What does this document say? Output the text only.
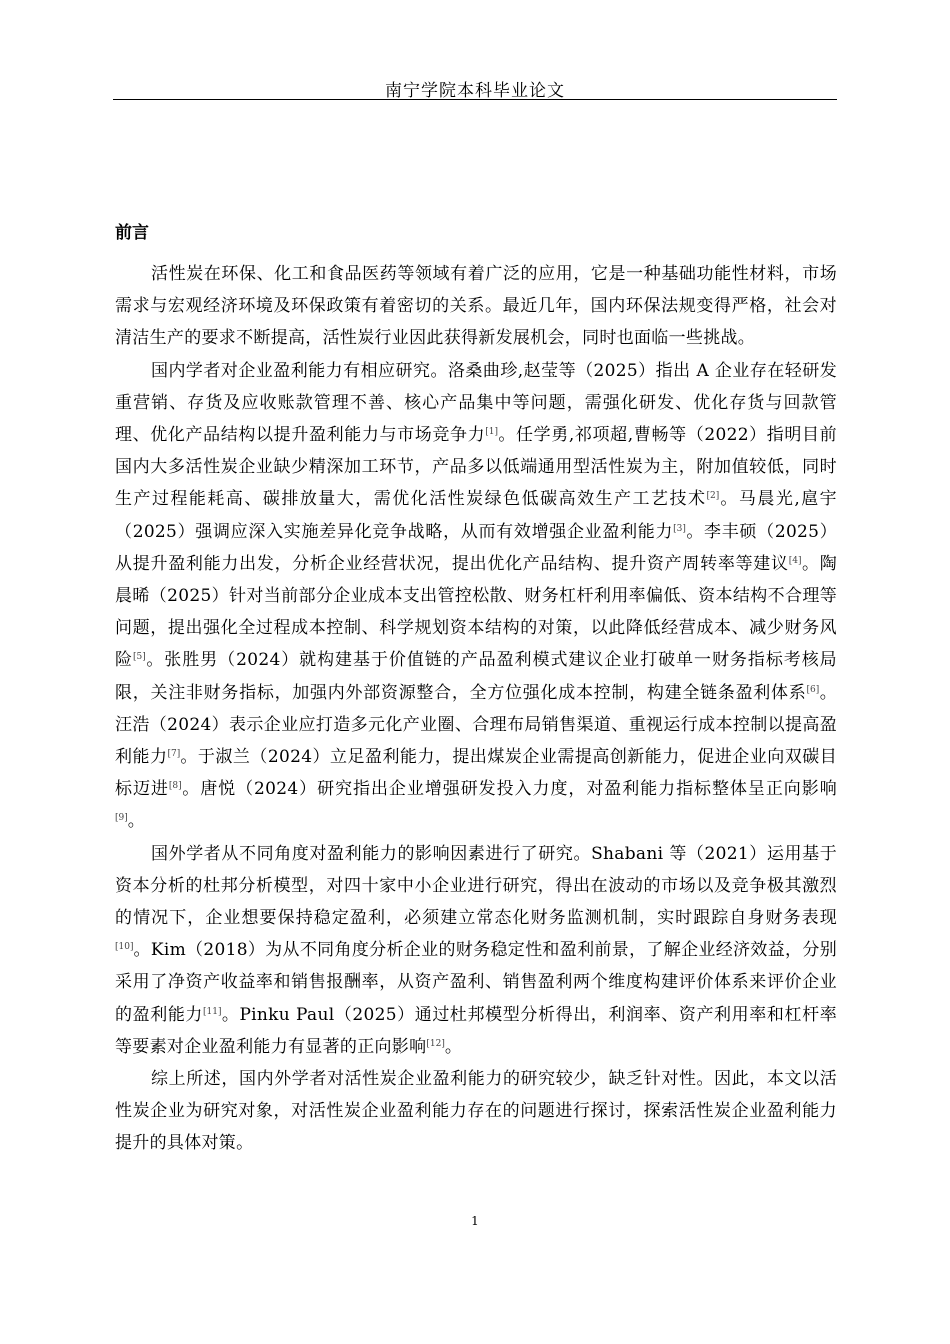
南宁学院本科毕业论文
前言

活性炭在环保、化工和食品医药等领域有着广泛的应用，它是一种基础功能性材料，市场需求与宏观经济环境及环保政策有着密切的关系。最近几年，国内环保法规变得严格，社会对清洁生产的要求不断提高，活性炭行业因此获得新发展机会，同时也面临一些挑战。

国内学者对企业盈利能力有相应研究。洛桑曲珍,赵莹等（2025）指出 A 企业存在轻研发重营销、存货及应收账款管理不善、核心产品集中等问题，需强化研发、优化存货与回款管理、优化产品结构以提升盈利能力与市场竞争力[1]。任学勇,祁项超,曹畅等（2022）指明目前国内大多活性炭企业缺少精深加工环节，产品多以低端通用型活性炭为主，附加值较低，同时生产过程能耗高、碳排放量大，需优化活性炭绿色低碳高效生产工艺技术[2]。马晨光,扈宇（2025）强调应深入实施差异化竞争战略，从而有效增强企业盈利能力[3]。李丰硕（2025）从提升盈利能力出发，分析企业经营状况，提出优化产品结构、提升资产周转率等建议[4]。陶晨晞（2025）针对当前部分企业成本支出管控松散、财务杠杆利用率偏低、资本结构不合理等问题，提出强化全过程成本控制、科学规划资本结构的对策，以此降低经营成本、减少财务风险[5]。张胜男（2024）就构建基于价值链的产品盈利模式建议企业打破单一财务指标考核局限，关注非财务指标，加强内外部资源整合，全方位强化成本控制，构建全链条盈利体系[6]。汪浩（2024）表示企业应打造多元化产业圈、合理布局销售渠道、重视运行成本控制以提高盈利能力[7]。于淑兰（2024）立足盈利能力，提出煤炭企业需提高创新能力，促进企业向双碳目标迈进[8]。唐悦（2024）研究指出企业增强研发投入力度，对盈利能力指标整体呈正向影响[9]。

国外学者从不同角度对盈利能力的影响因素进行了研究。Shabani 等（2021）运用基于资本分析的杜邦分析模型，对四十家中小企业进行研究，得出在波动的市场以及竞争极其激烈的情况下，企业想要保持稳定盈利，必须建立常态化财务监测机制，实时跟踪自身财务表现[10]。Kim（2018）为从不同角度分析企业的财务稳定性和盈利前景，了解企业经济效益，分别采用了净资产收益率和销售报酬率，从资产盈利、销售盈利两个维度构建评价体系来评价企业的盈利能力[11]。Pinku Paul（2025）通过杜邦模型分析得出，利润率、资产利用率和杠杆率等要素对企业盈利能力有显著的正向影响[12]。

综上所述，国内外学者对活性炭企业盈利能力的研究较少，缺乏针对性。因此，本文以活性炭企业为研究对象，对活性炭企业盈利能力存在的问题进行探讨，探索活性炭企业盈利能力提升的具体对策。

1
